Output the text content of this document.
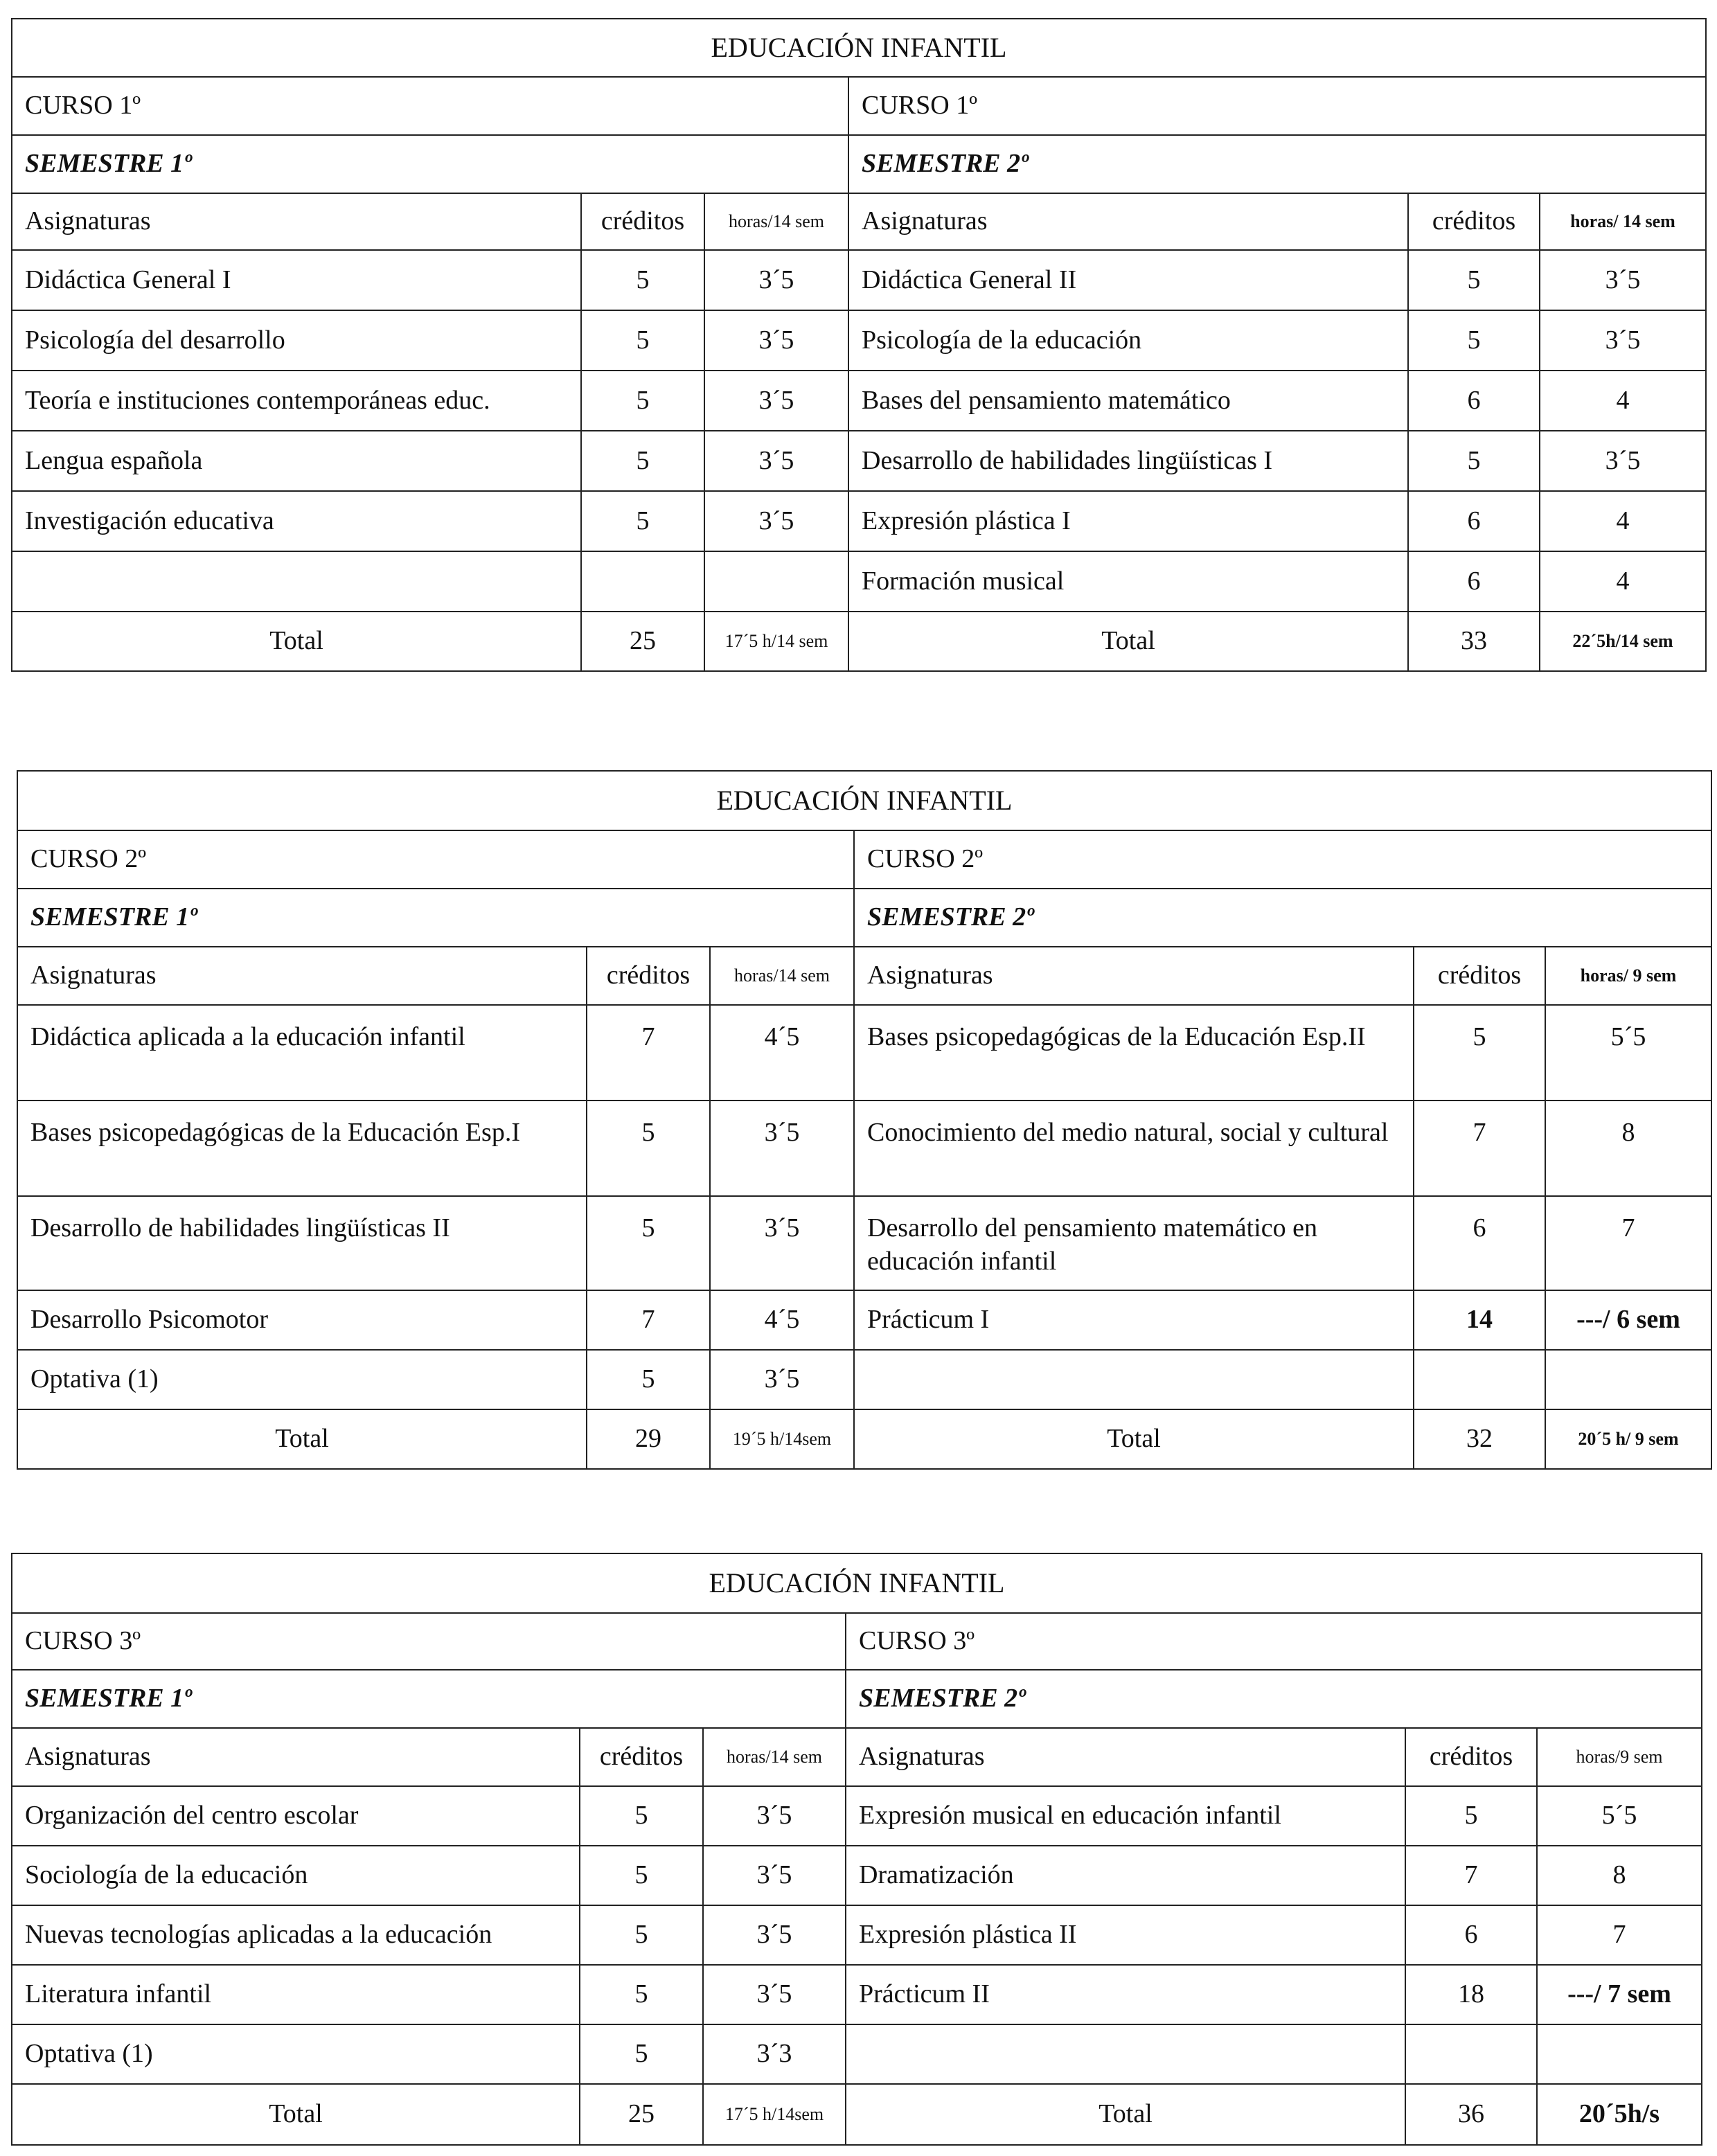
EDUCACIÓN INFANTIL					
CURSO 1º			CURSO 1º		
SEMESTRE 1º			SEMESTRE 2º		
Asignaturas	créditos	horas/14 sem	Asignaturas	créditos	horas/ 14 sem
Didáctica General I	5	3´5	Didáctica General II	5	3´5
Psicología del desarrollo	5	3´5	Psicología de la educación	5	3´5
Teoría e instituciones contemporáneas educ.	5	3´5	Bases del pensamiento matemático	6	4
Lengua española	5	3´5	Desarrollo de habilidades lingüísticas I	5	3´5
Investigación educativa	5	3´5	Expresión plástica I	6	4
			Formación musical	6	4
Total	25	17´5 h/14 sem	Total	33	22´5h/14 sem
EDUCACIÓN INFANTIL					
CURSO 2º			CURSO 2º		
SEMESTRE 1º			SEMESTRE 2º		
Asignaturas	créditos	horas/14 sem	Asignaturas	créditos	horas/ 9 sem
Didáctica aplicada a la educación infantil	7	4´5	Bases psicopedagógicas de la Educación Esp.II	5	5´5
Bases psicopedagógicas de la Educación Esp.I	5	3´5	Conocimiento del medio natural, social y cultural	7	8
Desarrollo de habilidades lingüísticas II	5	3´5	Desarrollo del pensamiento matemático en educación infantil	6	7
Desarrollo Psicomotor	7	4´5	Prácticum I	14	---/ 6 sem
Optativa (1)	5	3´5			
Total	29	19´5 h/14sem	Total	32	20´5 h/ 9 sem
EDUCACIÓN INFANTIL					
CURSO 3º			CURSO 3º		
SEMESTRE 1º			SEMESTRE 2º		
Asignaturas	créditos	horas/14 sem	Asignaturas	créditos	horas/9 sem
Organización del centro escolar	5	3´5	Expresión musical en educación infantil	5	5´5
Sociología de la educación	5	3´5	Dramatización	7	8
Nuevas tecnologías aplicadas a la educación	5	3´5	Expresión plástica II	6	7
Literatura infantil	5	3´5	Prácticum II	18	---/ 7 sem
Optativa (1)	5	3´3			
Total	25	17´5 h/14sem	Total	36	20´5h/s
